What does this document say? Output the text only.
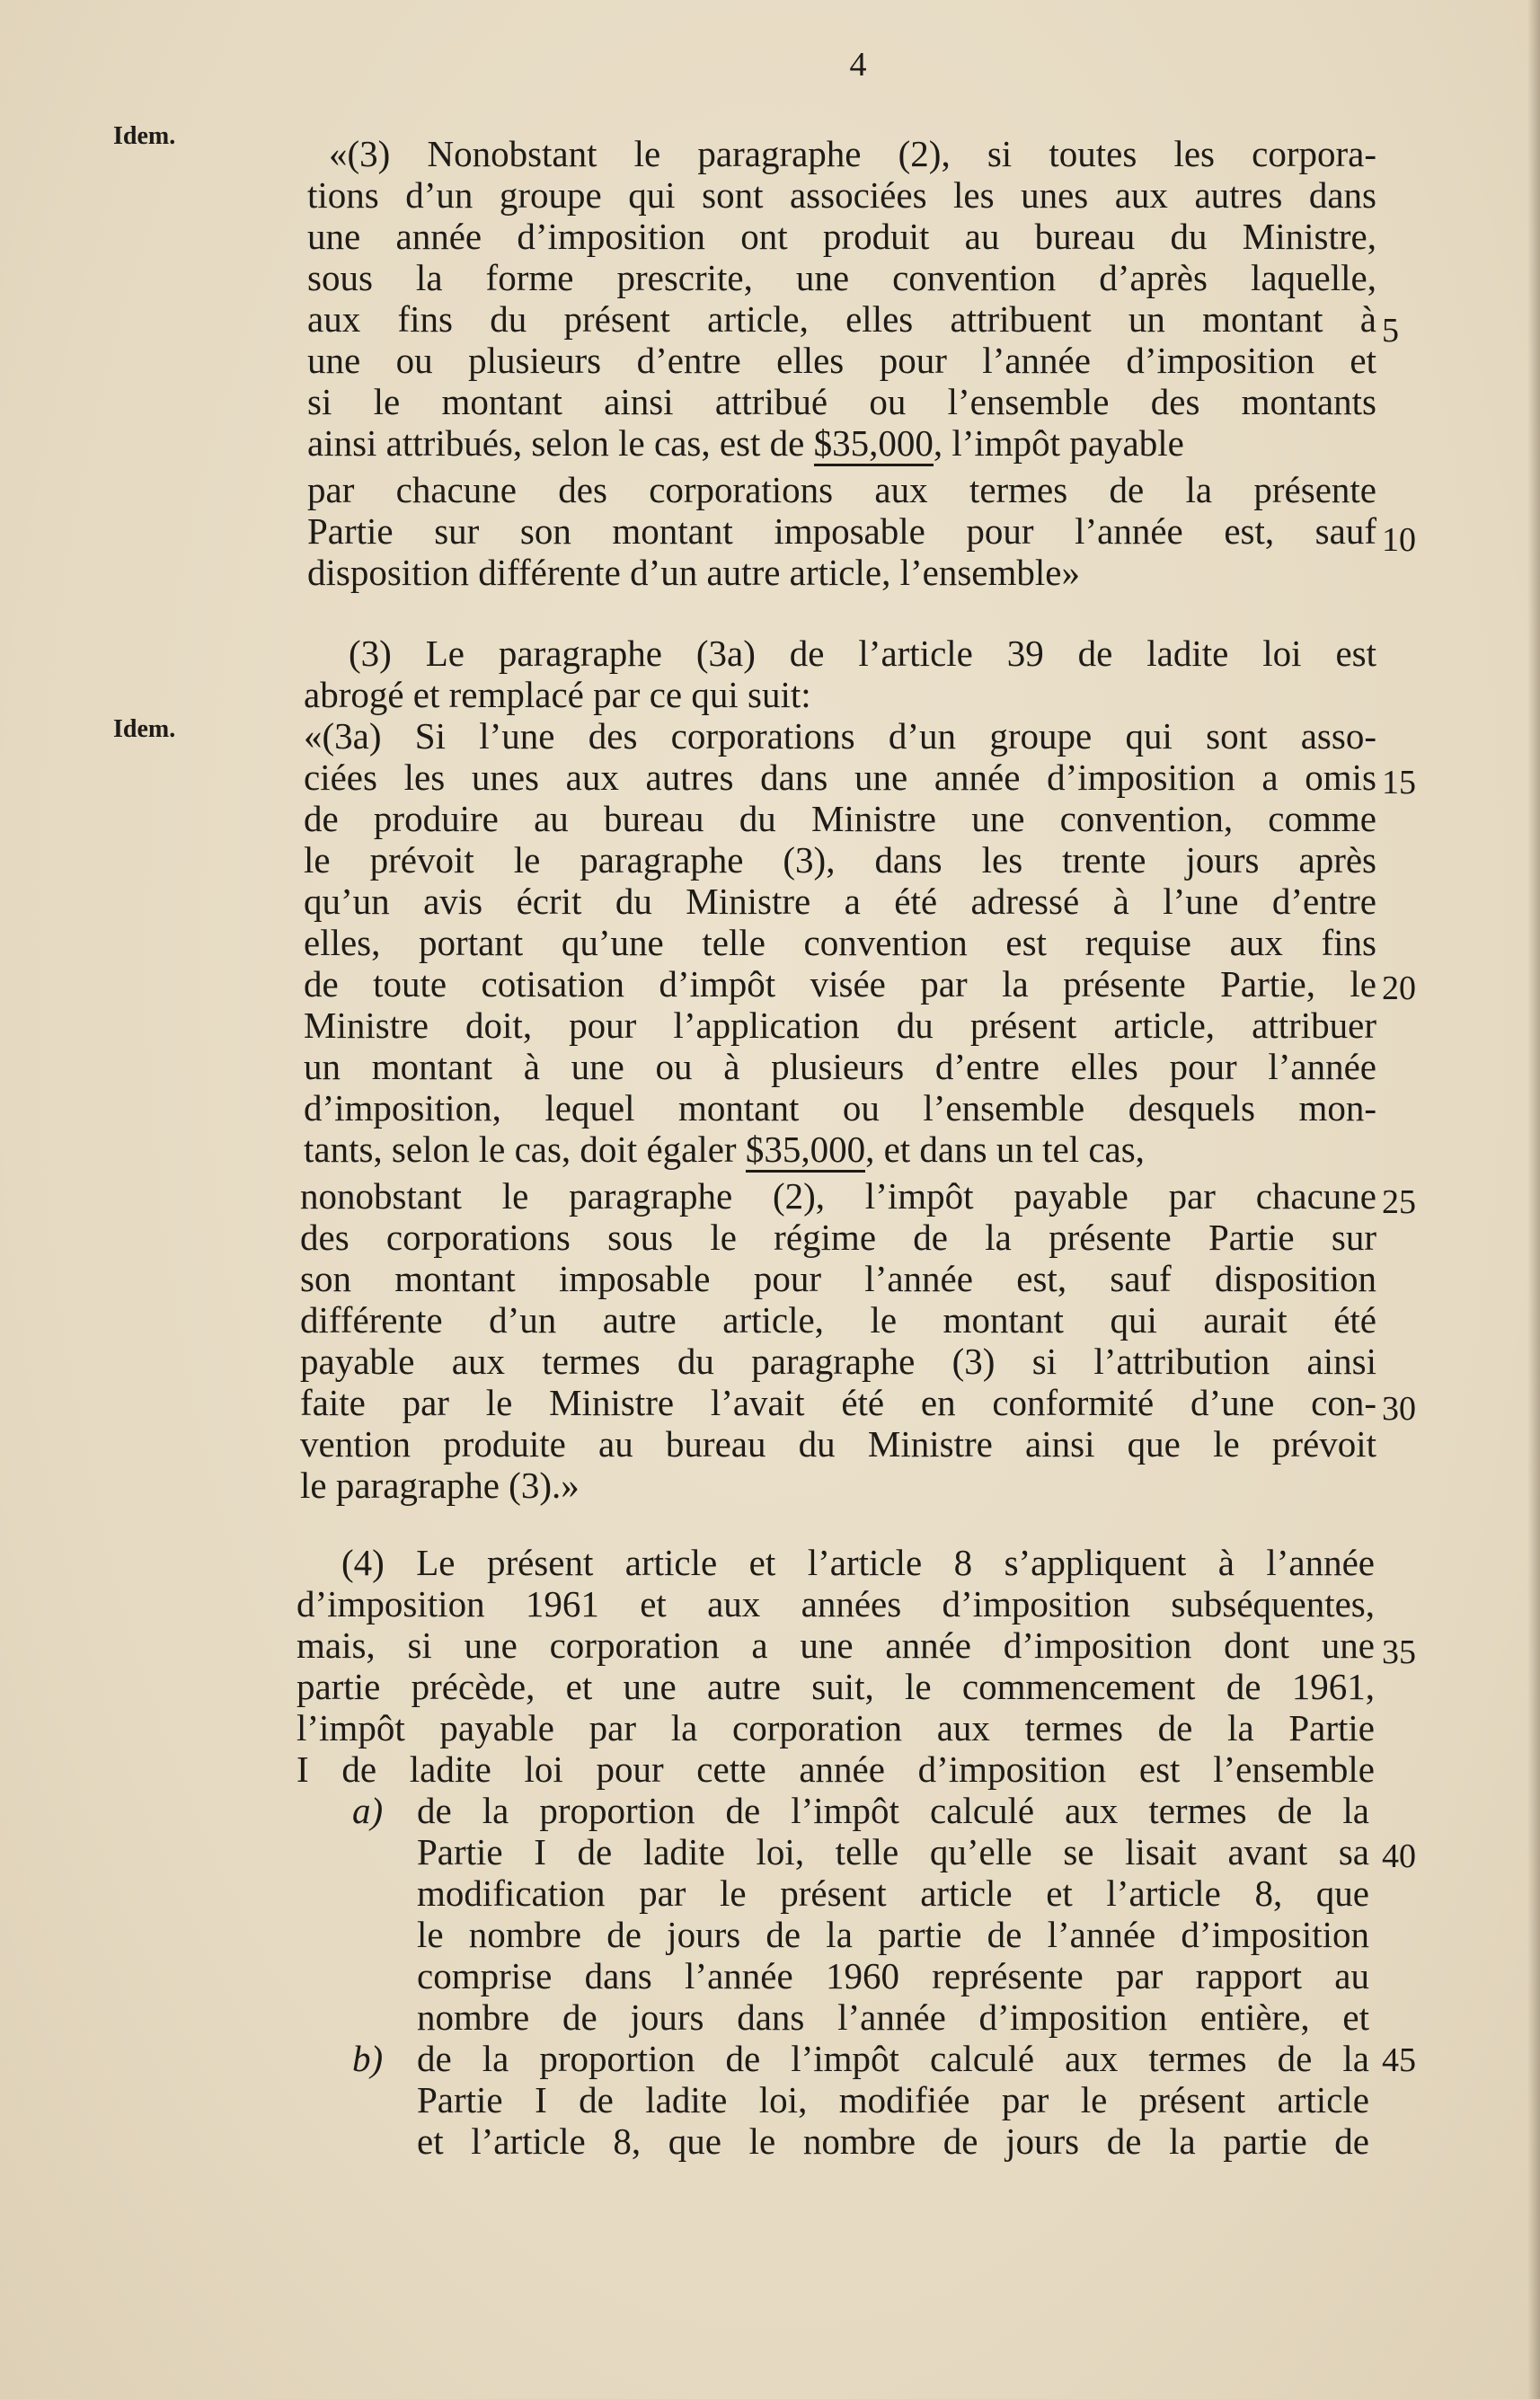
4
Idem.
Idem.
5
10
15
20
25
30
35
40
45
«(3) Nonobstant le paragraphe (2), si toutes les corpora-
tions d’un groupe qui sont associées les unes aux autres dans
une année d’imposition ont produit au bureau du Ministre,
sous la forme prescrite, une convention d’après laquelle,
aux fins du présent article, elles attribuent un montant à
une ou plusieurs d’entre elles pour l’année d’imposition et
si le montant ainsi attribué ou l’ensemble des montants
ainsi attribués, selon le cas, est de $35,000, l’impôt payable
par chacune des corporations aux termes de la présente
Partie sur son montant imposable pour l’année est, sauf
disposition différente d’un autre article, l’ensemble»
(3) Le paragraphe (3a) de l’article 39 de ladite loi est
abrogé et remplacé par ce qui suit:
«(3a) Si l’une des corporations d’un groupe qui sont asso-
ciées les unes aux autres dans une année d’imposition a omis
de produire au bureau du Ministre une convention, comme
le prévoit le paragraphe (3), dans les trente jours après
qu’un avis écrit du Ministre a été adressé à l’une d’entre
elles, portant qu’une telle convention est requise aux fins
de toute cotisation d’impôt visée par la présente Partie, le
Ministre doit, pour l’application du présent article, attribuer
un montant à une ou à plusieurs d’entre elles pour l’année
d’imposition, lequel montant ou l’ensemble desquels mon-
tants, selon le cas, doit égaler $35,000, et dans un tel cas,
nonobstant le paragraphe (2), l’impôt payable par chacune
des corporations sous le régime de la présente Partie sur
son montant imposable pour l’année est, sauf disposition
différente d’un autre article, le montant qui aurait été
payable aux termes du paragraphe (3) si l’attribution ainsi
faite par le Ministre l’avait été en conformité d’une con-
vention produite au bureau du Ministre ainsi que le prévoit
le paragraphe (3).»
(4) Le présent article et l’article 8 s’appliquent à l’année
d’imposition 1961 et aux années d’imposition subséquentes,
mais, si une corporation a une année d’imposition dont une
partie précède, et une autre suit, le commencement de 1961,
l’impôt payable par la corporation aux termes de la Partie
I de ladite loi pour cette année d’imposition est l’ensemble
a) de la proportion de l’impôt calculé aux termes de la
Partie I de ladite loi, telle qu’elle se lisait avant sa
modification par le présent article et l’article 8, que
le nombre de jours de la partie de l’année d’imposition
comprise dans l’année 1960 représente par rapport au
nombre de jours dans l’année d’imposition entière, et
b) de la proportion de l’impôt calculé aux termes de la
Partie I de ladite loi, modifiée par le présent article
et l’article 8, que le nombre de jours de la partie de
